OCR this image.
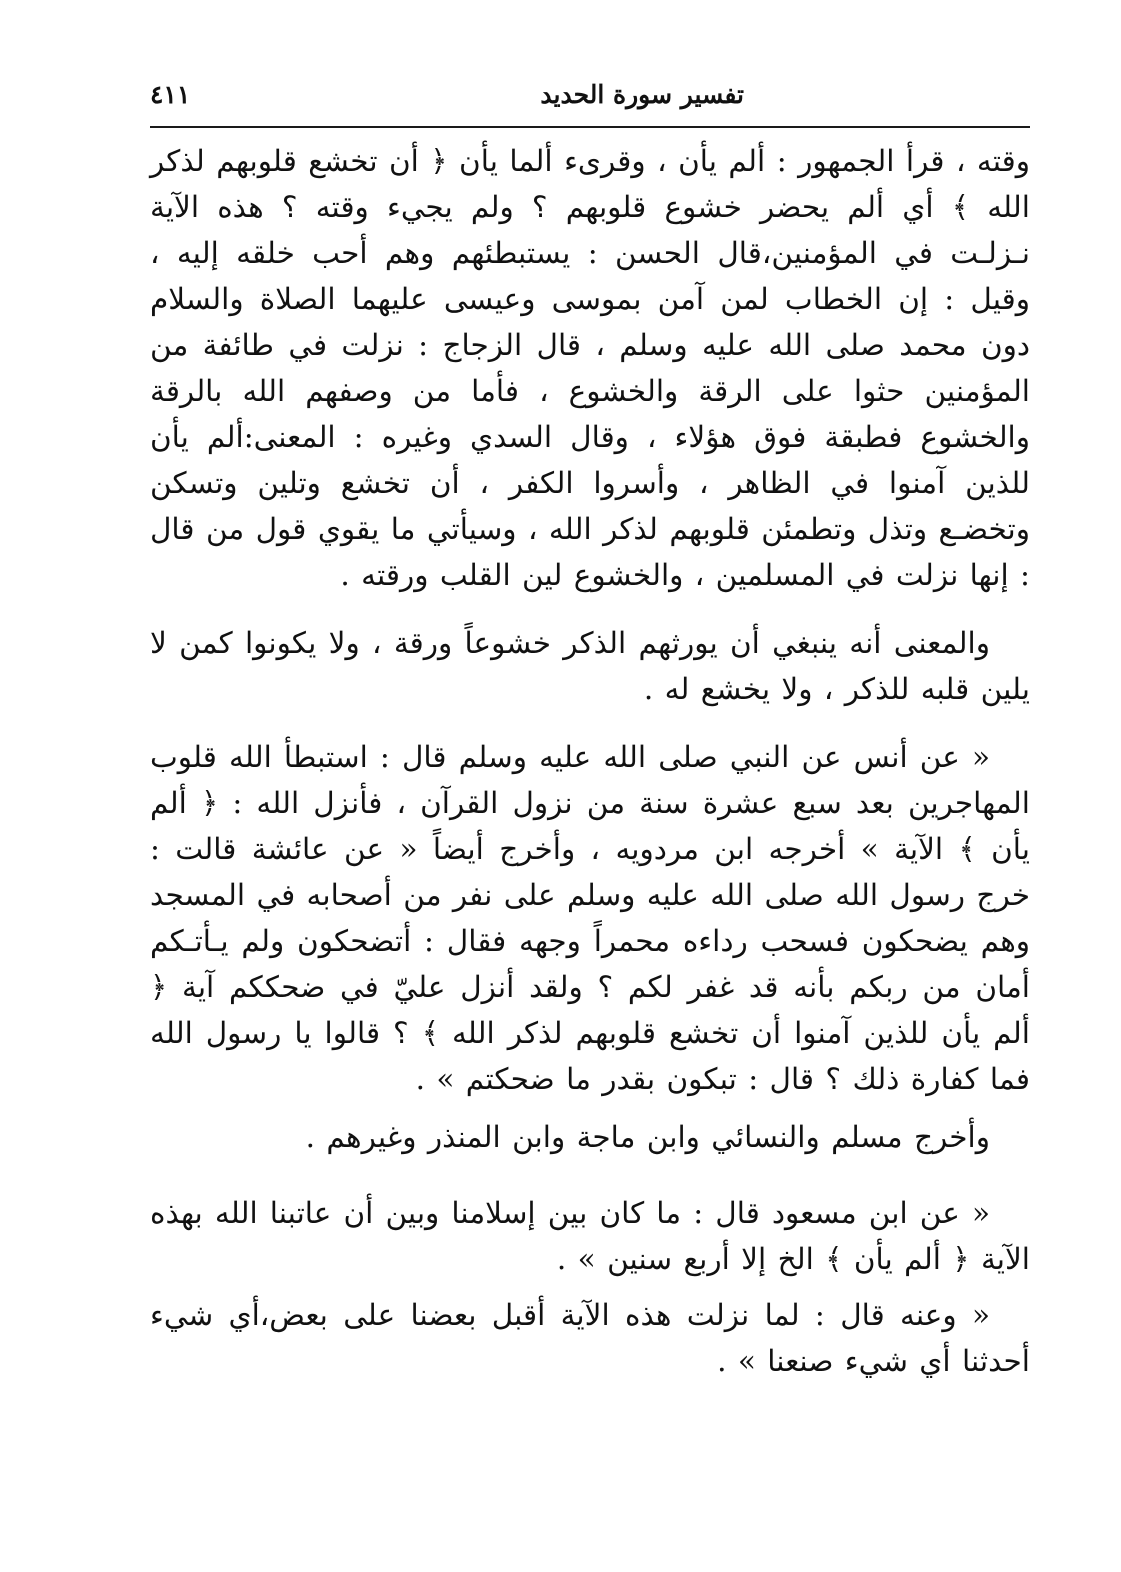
تفسير سورة الحديد
٤١١

وقته ، قرأ الجمهور : ألم يأن ، وقرىء ألما يأن ﴿ أن تخشع قلوبهم لذكر الله ﴾ أي ألم يحضر خشوع قلوبهم ؟ ولم يجيء وقته ؟ هذه الآية نـزلـت في المؤمنين،قال الحسن : يستبطئهم وهم أحب خلقه إليه ، وقيل : إن الخطاب لمن آمن بموسى وعيسى عليهما الصلاة والسلام دون محمد صلى الله عليه وسلم ، قال الزجاج : نزلت في طائفة من المؤمنين حثوا على الرقة والخشوع ، فأما من وصفهم الله بالرقة والخشوع فطبقة فوق هؤلاء ، وقال السدي وغيره : المعنى:ألم يأن للذين آمنوا في الظاهر ، وأسروا الكفر ، أن تخشع وتلين وتسكن وتخضـع وتذل وتطمئن قلوبهم لذكر الله ، وسيأتي ما يقوي قول من قال : إنها نزلت في المسلمين ، والخشوع لين القلب ورقته .

والمعنى أنه ينبغي أن يورثهم الذكر خشوعاً ورقة ، ولا يكونوا كمن لا يلين قلبه للذكر ، ولا يخشع له .

« عن أنس عن النبي صلى الله عليه وسلم قال : استبطأ الله قلوب المهاجرين بعد سبع عشرة سنة من نزول القرآن ، فأنزل الله : ﴿ ألم يأن ﴾ الآية » أخرجه ابن مردويه ، وأخرج أيضاً « عن عائشة قالت : خرج رسول الله صلى الله عليه وسلم على نفر من أصحابه في المسجد وهم يضحكون فسحب رداءه محمراً وجهه فقال : أتضحكون ولم يـأتـكم أمان من ربكم بأنه قد غفر لكم ؟ ولقد أنزل عليّ في ضحككم آية ﴿ ألم يأن للذين آمنوا أن تخشع قلوبهم لذكر الله ﴾ ؟ قالوا يا رسول الله فما كفارة ذلك ؟ قال : تبكون بقدر ما ضحكتم » .

وأخرج مسلم والنسائي وابن ماجة وابن المنذر وغيرهم .

« عن ابن مسعود قال : ما كان بين إسلامنا وبين أن عاتبنا الله بهذه الآية ﴿ ألم يأن ﴾ الخ إلا أربع سنين » .

« وعنه قال : لما نزلت هذه الآية أقبل بعضنا على بعض،أي شيء أحدثنا أي شيء صنعنا » .
